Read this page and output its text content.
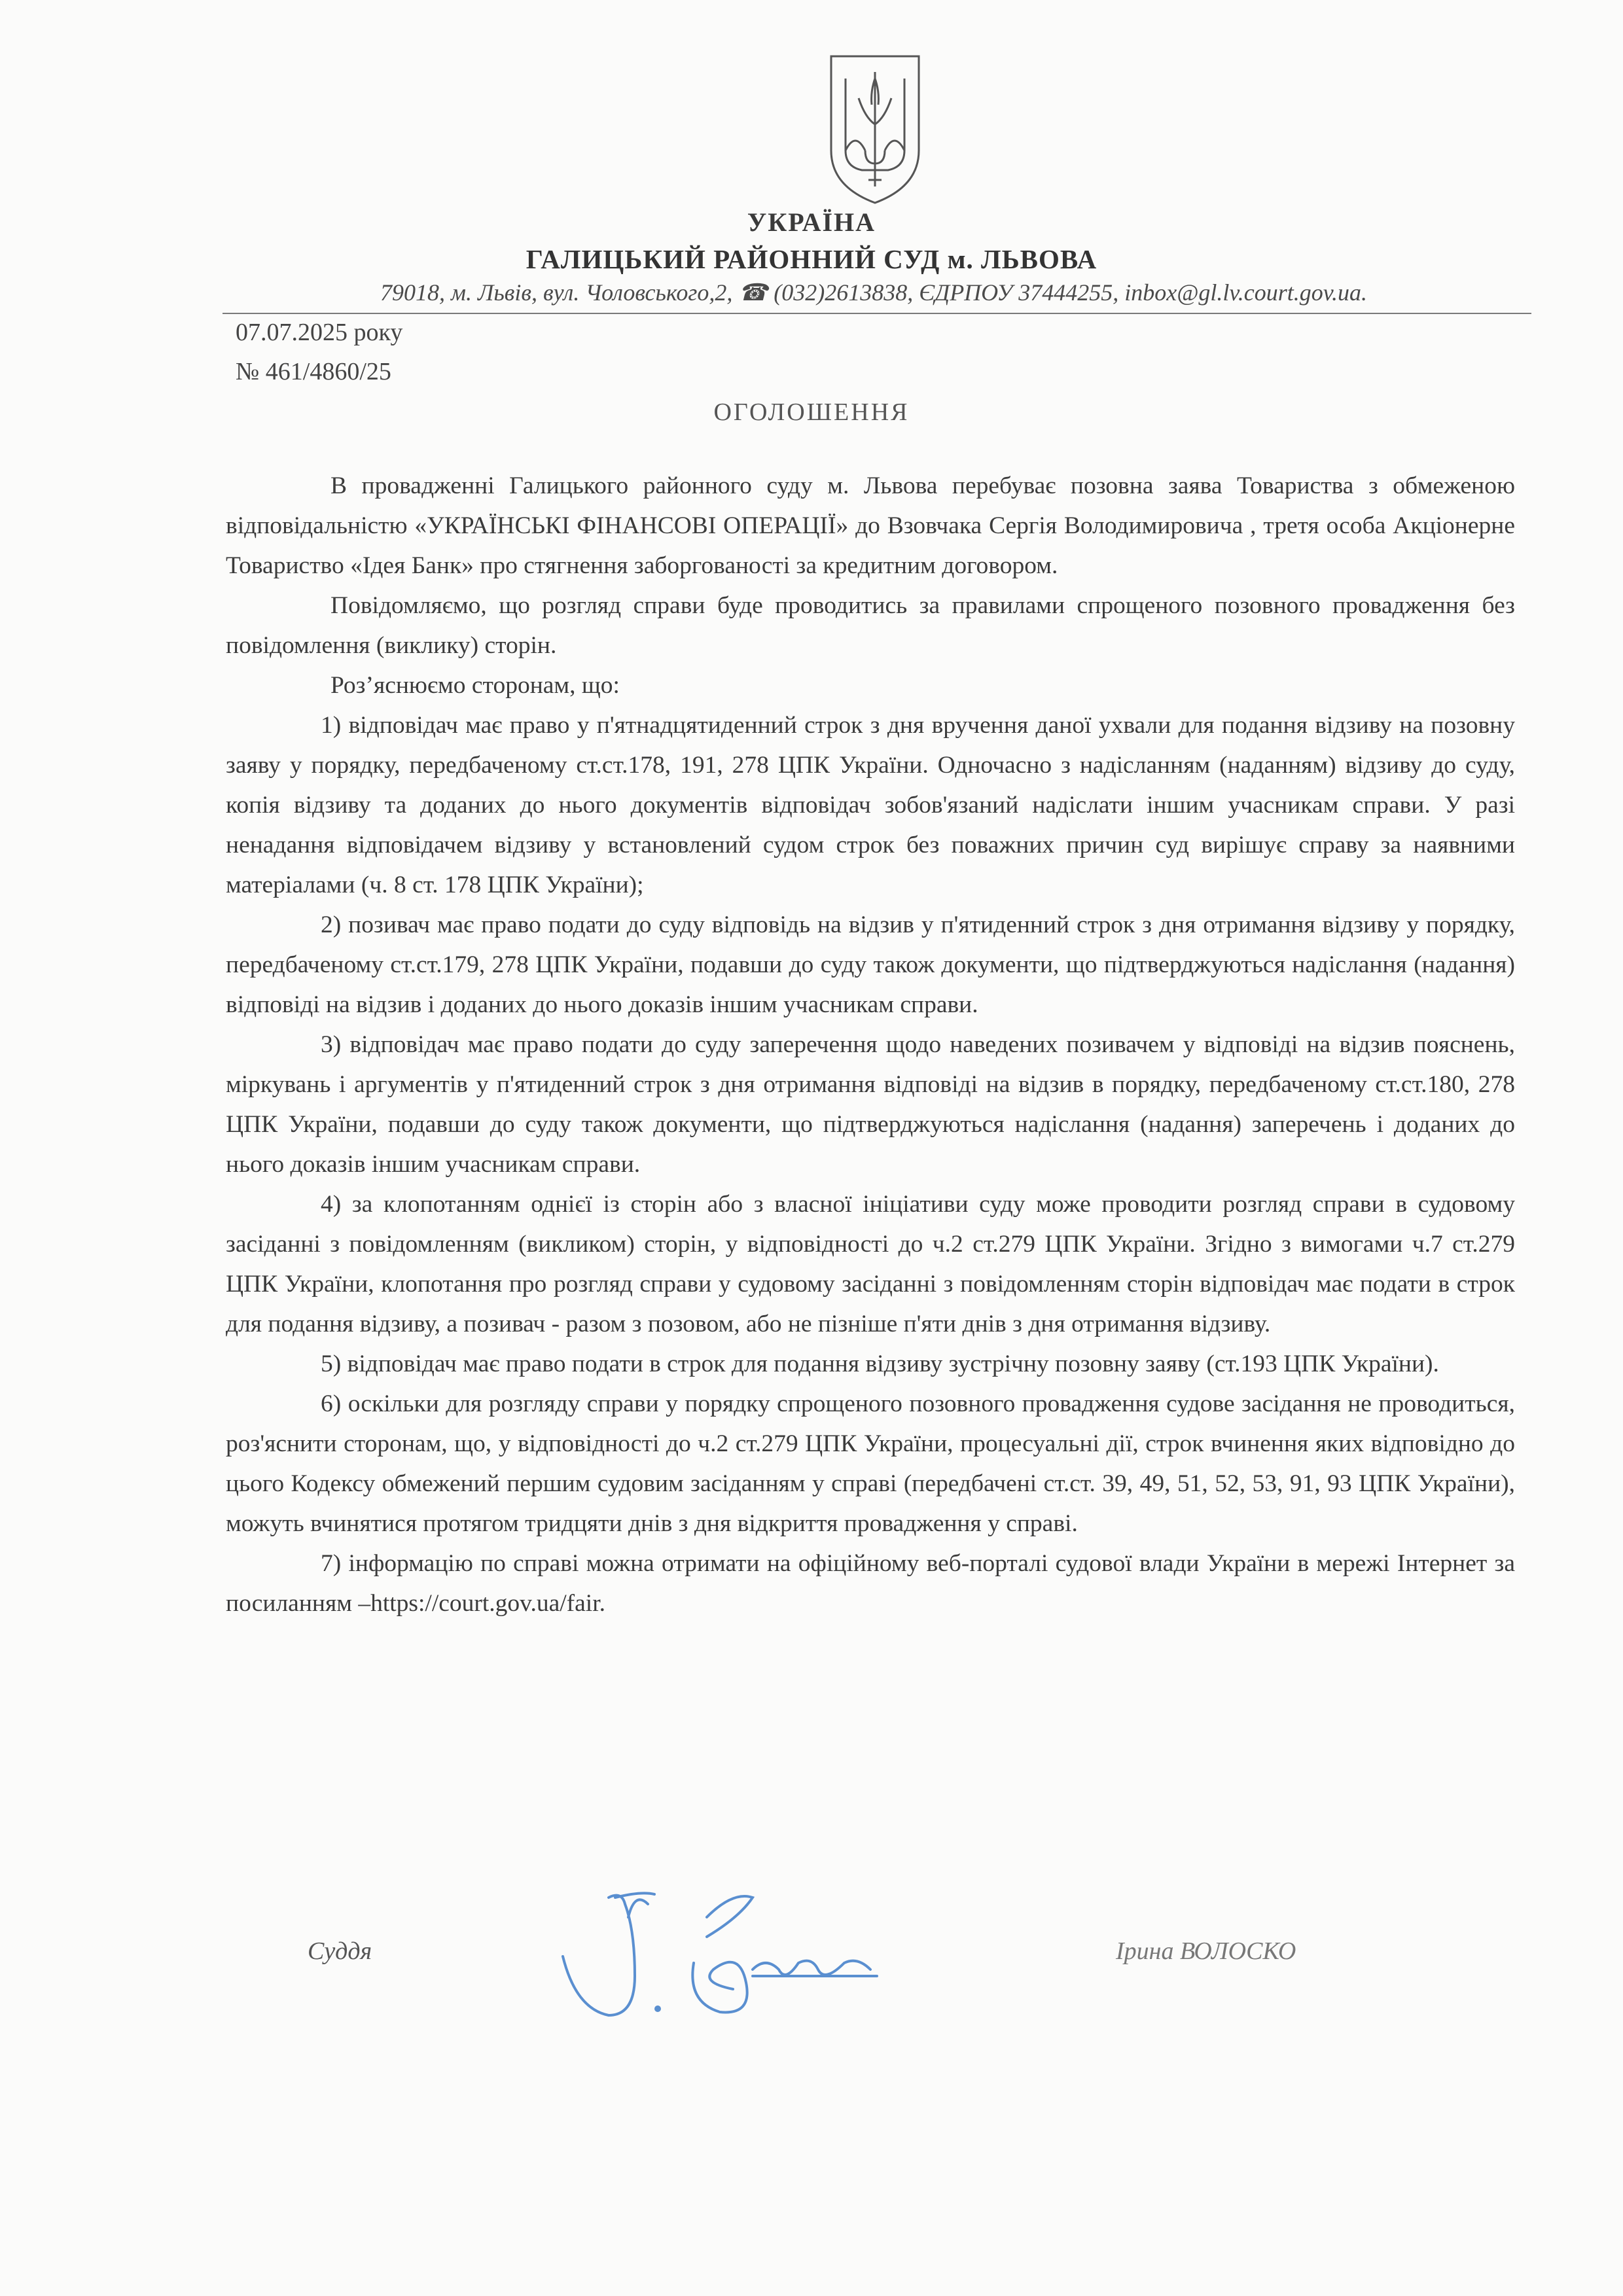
УКРАЇНА
ГАЛИЦЬКИЙ РАЙОННИЙ СУД м. ЛЬВОВА
79018, м. Львів, вул. Чоловського,2, ☎ (032)2613838, ЄДРПОУ 37444255, inbox@gl.lv.court.gov.ua.
07.07.2025 року
№ 461/4860/25
ОГОЛОШЕННЯ

В провадженні Галицького районного суду м. Львова перебуває позовна заява Товариства з обмеженою відповідальністю «УКРАЇНСЬКІ ФІНАНСОВІ ОПЕРАЦІЇ» до Взовчака Сергія Володимировича , третя особа Акціонерне Товариство «Ідея Банк» про стягнення заборгованості за кредитним договором.

Повідомляємо, що розгляд справи буде проводитись за правилами спрощеного позовного провадження без повідомлення (виклику) сторін.

Роз’яснюємо сторонам, що:

1) відповідач має право у п'ятнадцятиденний строк з дня вручення даної ухвали для подання відзиву на позовну заяву у порядку, передбаченому ст.ст.178, 191, 278 ЦПК України. Одночасно з надісланням (наданням) відзиву до суду, копія відзиву та доданих до нього документів відповідач зобов'язаний надіслати іншим учасникам справи. У разі ненадання відповідачем відзиву у встановлений судом строк без поважних причин суд вирішує справу за наявними матеріалами (ч. 8 ст. 178 ЦПК України);

2) позивач має право подати до суду відповідь на відзив у п'ятиденний строк з дня отримання відзиву у порядку, передбаченому ст.ст.179, 278 ЦПК України, подавши до суду також документи, що підтверджуються надіслання (надання) відповіді на відзив і доданих до нього доказів іншим учасникам справи.

3) відповідач має право подати до суду заперечення щодо наведених позивачем у відповіді на відзив пояснень, міркувань і аргументів у п'ятиденний строк з дня отримання відповіді на відзив в порядку, передбаченому ст.ст.180, 278 ЦПК України, подавши до суду також документи, що підтверджуються надіслання (надання) заперечень і доданих до нього доказів іншим учасникам справи.

4) за клопотанням однієї із сторін або з власної ініціативи суду може проводити розгляд справи в судовому засіданні з повідомленням (викликом) сторін, у відповідності до ч.2 ст.279 ЦПК України. Згідно з вимогами ч.7 ст.279 ЦПК України, клопотання про розгляд справи у судовому засіданні з повідомленням сторін відповідач має подати в строк для подання відзиву, а позивач - разом з позовом, або не пізніше п'яти днів з дня отримання відзиву.

5) відповідач має право подати в строк для подання відзиву зустрічну позовну заяву (ст.193 ЦПК України).

6) оскільки для розгляду справи у порядку спрощеного позовного провадження судове засідання не проводиться, роз'яснити сторонам, що, у відповідності до ч.2 ст.279 ЦПК України, процесуальні дії, строк вчинення яких відповідно до цього Кодексу обмежений першим судовим засіданням у справі (передбачені ст.ст. 39, 49, 51, 52, 53, 91, 93 ЦПК України), можуть вчинятися протягом тридцяти днів з дня відкриття провадження у справі.

7) інформацію по справі можна отримати на офіційному веб-порталі судової влади України в мережі Інтернет за посиланням –https://court.gov.ua/fair.

Суддя	Ірина ВОЛОСКО
